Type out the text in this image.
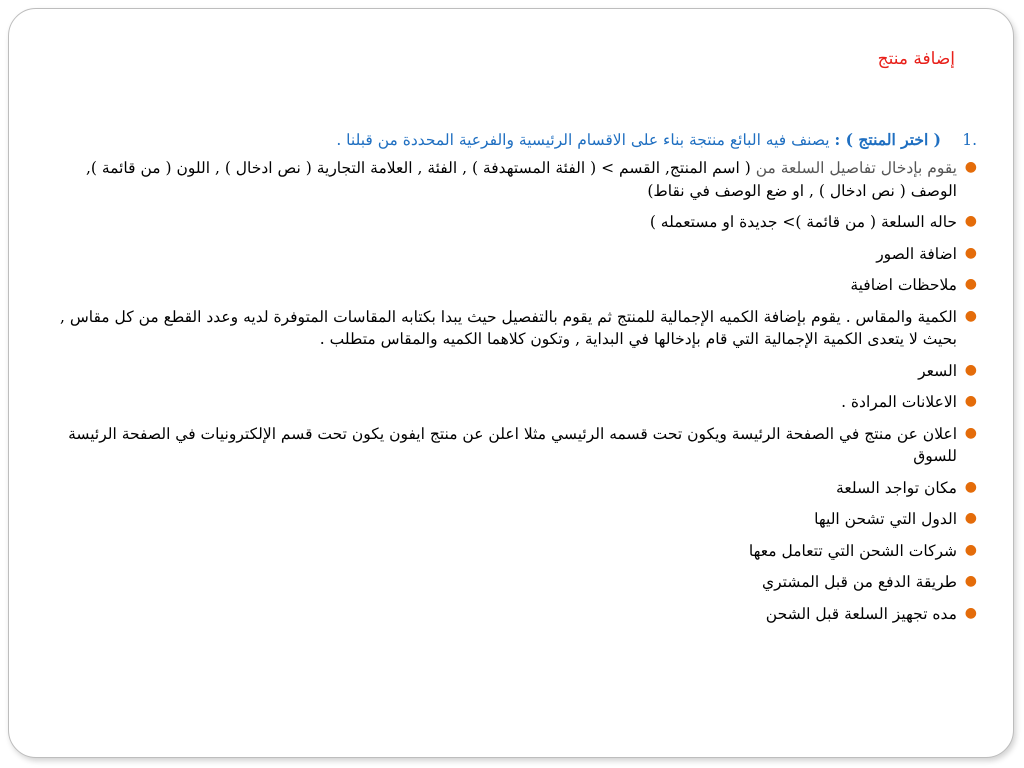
إضافة منتج
.1
( اختر المنتج ) : يصنف فيه البائع منتجة بناء على الاقسام الرئيسية والفرعية المحددة من قبلنا .
●
يقوم بإدخال تفاصيل السلعة من ( اسم المنتج, القسم > ( الفئة المستهدفة ) , الفئة , العلامة التجارية ( نص ادخال ) , اللون ( من قائمة ), الوصف ( نص ادخال ) , او ضع الوصف في نقاط)
●
حاله السلعة ( من قائمة )> جديدة او مستعمله )
●
اضافة الصور
●
ملاحظات اضافية
●
الكمية والمقاس . يقوم بإضافة الكميه الإجمالية للمنتج ثم يقوم بالتفصيل حيث يبدا بكتابه المقاسات المتوفرة لديه وعدد القطع من كل مقاس , بحيث لا يتعدى الكمية الإجمالية التي قام بإدخالها في البداية , وتكون كلاهما الكميه والمقاس متطلب .
●
السعر
●
الاعلانات المرادة .
●
اعلان عن منتج في الصفحة الرئيسة ويكون تحت قسمه الرئيسي مثلا اعلن عن منتج ايفون يكون تحت قسم الإلكترونيات في الصفحة الرئيسة للسوق
●
مكان تواجد السلعة
●
الدول التي تشحن اليها
●
شركات الشحن التي تتعامل معها
●
طريقة الدفع من قبل المشتري
●
مده تجهيز السلعة قبل الشحن
